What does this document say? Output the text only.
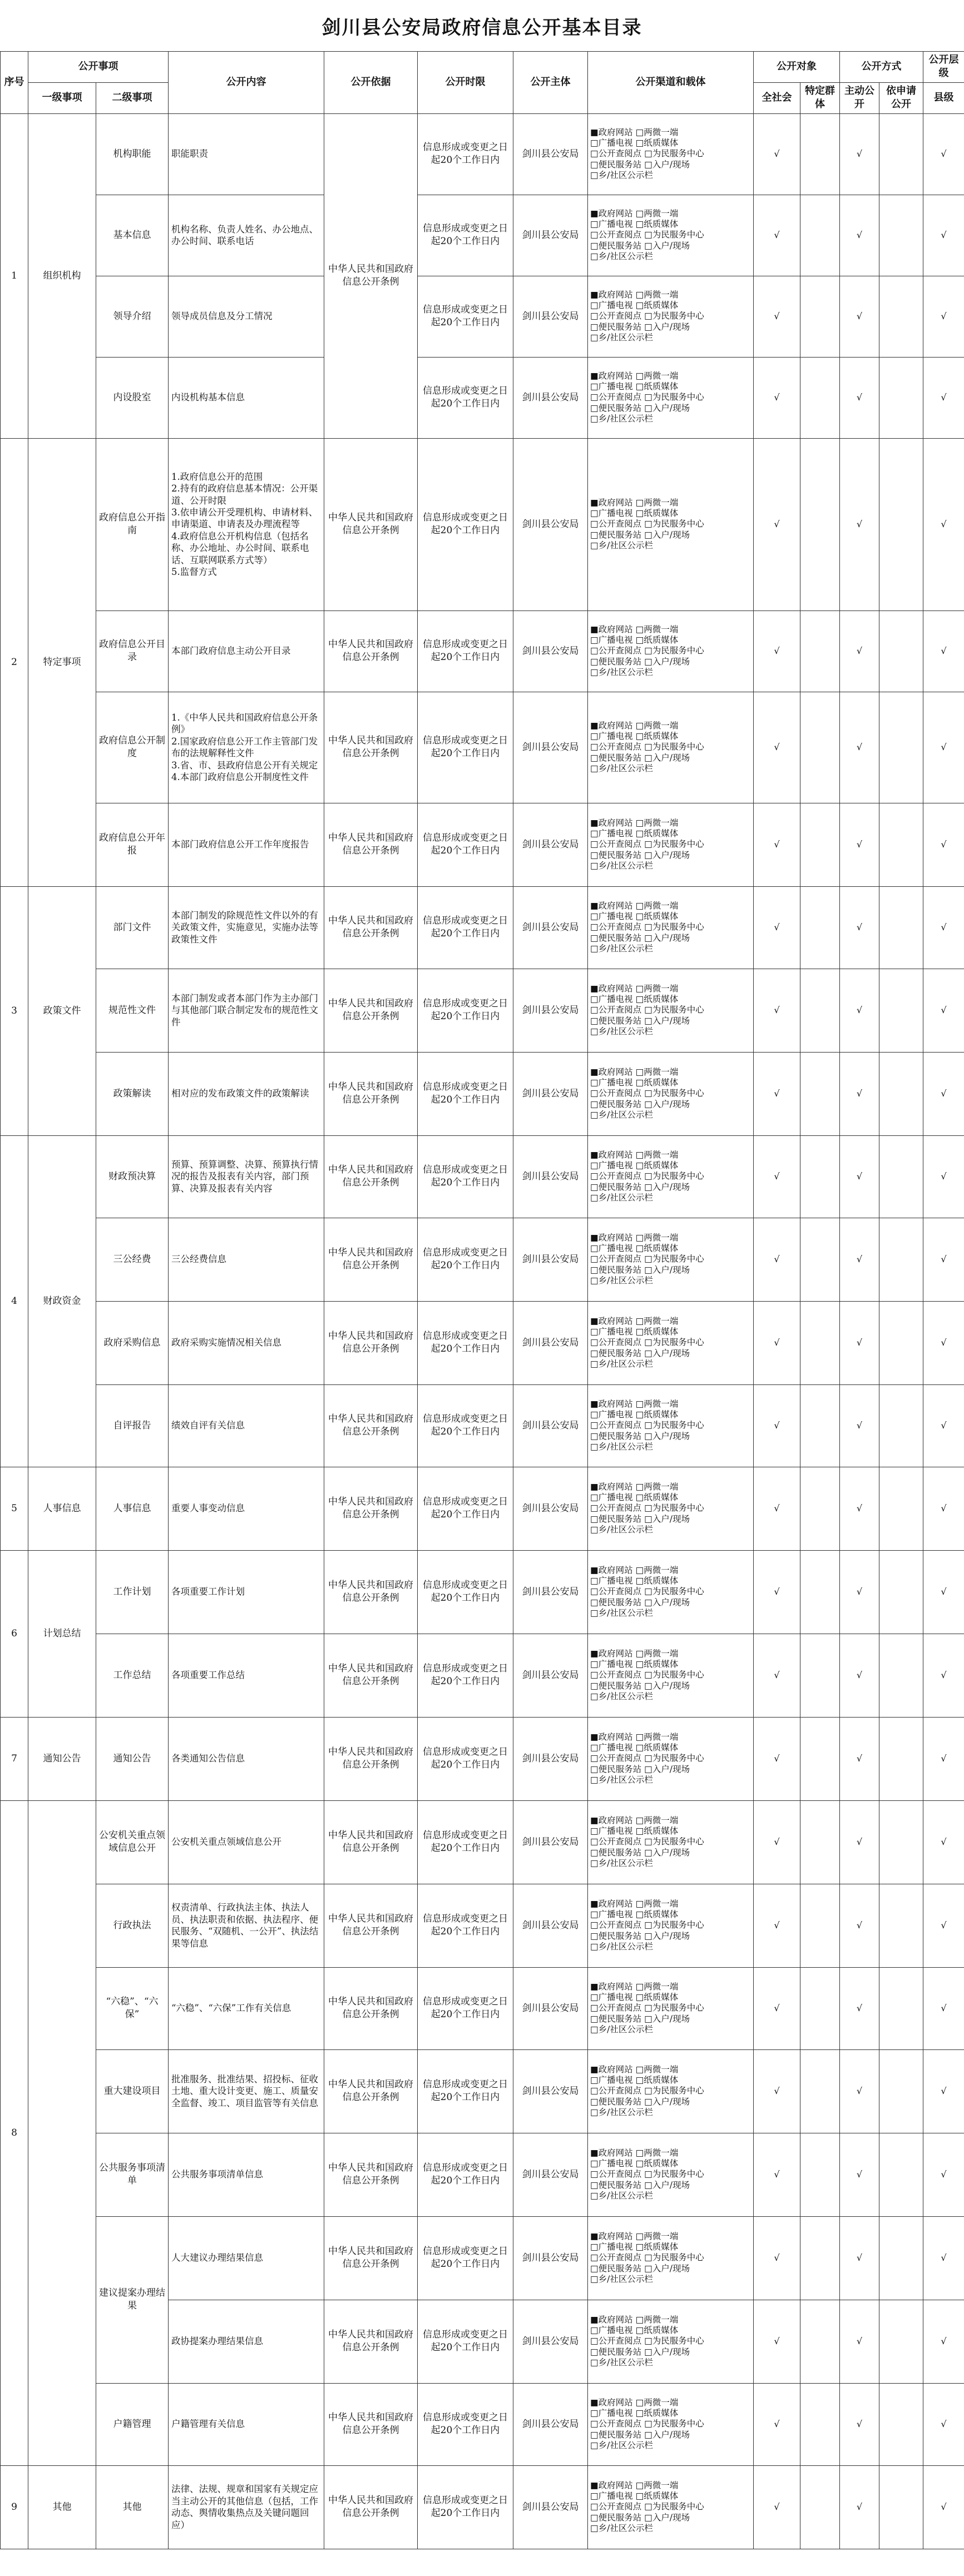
剑川县公安局政府信息公开基本目录
序号	公开事项		公开内容	公开依据	公开时限	公开主体	公开渠道和载体	公开对象		公开方式		公开层级
	一级事项	二级事项						全社会	特定群体	主动公开	依申请公开	县级
1	组织机构	机构职能	职能职责	中华人民共和国政府信息公开条例	信息形成或变更之日起20个工作日内	剑川县公安局	■政府网站 □两微一端
□广播电视 □纸质媒体
□公开查阅点 □为民服务中心
□便民服务站 □入户/现场
□乡/社区公示栏	√		√		√
		基本信息	机构名称、负责人姓名、办公地点、办公时间、联系电话		信息形成或变更之日起20个工作日内	剑川县公安局	■政府网站 □两微一端
□广播电视 □纸质媒体
□公开查阅点 □为民服务中心
□便民服务站 □入户/现场
□乡/社区公示栏	√		√		√
		领导介绍	领导成员信息及分工情况		信息形成或变更之日起20个工作日内	剑川县公安局	■政府网站 □两微一端
□广播电视 □纸质媒体
□公开查阅点 □为民服务中心
□便民服务站 □入户/现场
□乡/社区公示栏	√		√		√
		内设股室	内设机构基本信息		信息形成或变更之日起20个工作日内	剑川县公安局	■政府网站 □两微一端
□广播电视 □纸质媒体
□公开查阅点 □为民服务中心
□便民服务站 □入户/现场
□乡/社区公示栏	√		√		√
2	特定事项	政府信息公开指南	1.政府信息公开的范围
2.持有的政府信息基本情况：公开渠道、公开时限
3.依申请公开受理机构、申请材料、申请渠道、申请表及办理流程等
4.政府信息公开机构信息（包括名称、办公地址、办公时间、联系电话、互联网联系方式等）
5.监督方式	中华人民共和国政府信息公开条例	信息形成或变更之日起20个工作日内	剑川县公安局	■政府网站 □两微一端
□广播电视 □纸质媒体
□公开查阅点 □为民服务中心
□便民服务站 □入户/现场
□乡/社区公示栏	√		√		√
		政府信息公开目录	本部门政府信息主动公开目录	中华人民共和国政府信息公开条例	信息形成或变更之日起20个工作日内	剑川县公安局	■政府网站 □两微一端
□广播电视 □纸质媒体
□公开查阅点 □为民服务中心
□便民服务站 □入户/现场
□乡/社区公示栏	√		√		√
		政府信息公开制度	1.《中华人民共和国政府信息公开条例》
2.国家政府信息公开工作主管部门发布的法规解释性文件
3.省、市、县政府信息公开有关规定
4.本部门政府信息公开制度性文件	中华人民共和国政府信息公开条例	信息形成或变更之日起20个工作日内	剑川县公安局	■政府网站 □两微一端
□广播电视 □纸质媒体
□公开查阅点 □为民服务中心
□便民服务站 □入户/现场
□乡/社区公示栏	√		√		√
		政府信息公开年报	本部门政府信息公开工作年度报告	中华人民共和国政府信息公开条例	信息形成或变更之日起20个工作日内	剑川县公安局	■政府网站 □两微一端
□广播电视 □纸质媒体
□公开查阅点 □为民服务中心
□便民服务站 □入户/现场
□乡/社区公示栏	√		√		√
3	政策文件	部门文件	本部门制发的除规范性文件以外的有关政策文件，实施意见，实施办法等政策性文件	中华人民共和国政府信息公开条例	信息形成或变更之日起20个工作日内	剑川县公安局	■政府网站 □两微一端
□广播电视 □纸质媒体
□公开查阅点 □为民服务中心
□便民服务站 □入户/现场
□乡/社区公示栏	√		√		√
		规范性文件	本部门制发或者本部门作为主办部门与其他部门联合制定发布的规范性文件	中华人民共和国政府信息公开条例	信息形成或变更之日起20个工作日内	剑川县公安局	■政府网站 □两微一端
□广播电视 □纸质媒体
□公开查阅点 □为民服务中心
□便民服务站 □入户/现场
□乡/社区公示栏	√		√		√
		政策解读	相对应的发布政策文件的政策解读	中华人民共和国政府信息公开条例	信息形成或变更之日起20个工作日内	剑川县公安局	■政府网站 □两微一端
□广播电视 □纸质媒体
□公开查阅点 □为民服务中心
□便民服务站 □入户/现场
□乡/社区公示栏	√		√		√
4	财政资金	财政预决算	预算、预算调整、决算、预算执行情况的报告及报表有关内容，部门预算、决算及报表有关内容	中华人民共和国政府信息公开条例	信息形成或变更之日起20个工作日内	剑川县公安局	■政府网站 □两微一端
□广播电视 □纸质媒体
□公开查阅点 □为民服务中心
□便民服务站 □入户/现场
□乡/社区公示栏	√		√		√
		三公经费	三公经费信息	中华人民共和国政府信息公开条例	信息形成或变更之日起20个工作日内	剑川县公安局	■政府网站 □两微一端
□广播电视 □纸质媒体
□公开查阅点 □为民服务中心
□便民服务站 □入户/现场
□乡/社区公示栏	√		√		√
		政府采购信息	政府采购实施情况相关信息	中华人民共和国政府信息公开条例	信息形成或变更之日起20个工作日内	剑川县公安局	■政府网站 □两微一端
□广播电视 □纸质媒体
□公开查阅点 □为民服务中心
□便民服务站 □入户/现场
□乡/社区公示栏	√		√		√
		自评报告	绩效自评有关信息	中华人民共和国政府信息公开条例	信息形成或变更之日起20个工作日内	剑川县公安局	■政府网站 □两微一端
□广播电视 □纸质媒体
□公开查阅点 □为民服务中心
□便民服务站 □入户/现场
□乡/社区公示栏	√		√		√
5	人事信息	人事信息	重要人事变动信息	中华人民共和国政府信息公开条例	信息形成或变更之日起20个工作日内	剑川县公安局	■政府网站 □两微一端
□广播电视 □纸质媒体
□公开查阅点 □为民服务中心
□便民服务站 □入户/现场
□乡/社区公示栏	√		√		√
6	计划总结	工作计划	各项重要工作计划	中华人民共和国政府信息公开条例	信息形成或变更之日起20个工作日内	剑川县公安局	■政府网站 □两微一端
□广播电视 □纸质媒体
□公开查阅点 □为民服务中心
□便民服务站 □入户/现场
□乡/社区公示栏	√		√		√
		工作总结	各项重要工作总结	中华人民共和国政府信息公开条例	信息形成或变更之日起20个工作日内	剑川县公安局	■政府网站 □两微一端
□广播电视 □纸质媒体
□公开查阅点 □为民服务中心
□便民服务站 □入户/现场
□乡/社区公示栏	√		√		√
7	通知公告	通知公告	各类通知公告信息	中华人民共和国政府信息公开条例	信息形成或变更之日起20个工作日内	剑川县公安局	■政府网站 □两微一端
□广播电视 □纸质媒体
□公开查阅点 □为民服务中心
□便民服务站 □入户/现场
□乡/社区公示栏	√		√		√
8		公安机关重点领域信息公开	公安机关重点领域信息公开	中华人民共和国政府信息公开条例	信息形成或变更之日起20个工作日内	剑川县公安局	■政府网站 □两微一端
□广播电视 □纸质媒体
□公开查阅点 □为民服务中心
□便民服务站 □入户/现场
□乡/社区公示栏	√		√		√
		行政执法	权责清单、行政执法主体、执法人员、执法职责和依据、执法程序、便民服务、“双随机、一公开”、执法结果等信息	中华人民共和国政府信息公开条例	信息形成或变更之日起20个工作日内	剑川县公安局	■政府网站 □两微一端
□广播电视 □纸质媒体
□公开查阅点 □为民服务中心
□便民服务站 □入户/现场
□乡/社区公示栏	√		√		√
		“六稳”、“六保”	“六稳”、“六保”工作有关信息	中华人民共和国政府信息公开条例	信息形成或变更之日起20个工作日内	剑川县公安局	■政府网站 □两微一端
□广播电视 □纸质媒体
□公开查阅点 □为民服务中心
□便民服务站 □入户/现场
□乡/社区公示栏	√		√		√
		重大建设项目	批准服务、批准结果、招投标、征收土地、重大设计变更、施工、质量安全监督、竣工、项目监管等有关信息	中华人民共和国政府信息公开条例	信息形成或变更之日起20个工作日内	剑川县公安局	■政府网站 □两微一端
□广播电视 □纸质媒体
□公开查阅点 □为民服务中心
□便民服务站 □入户/现场
□乡/社区公示栏	√		√		√
		公共服务事项清单	公共服务事项清单信息	中华人民共和国政府信息公开条例	信息形成或变更之日起20个工作日内	剑川县公安局	■政府网站 □两微一端
□广播电视 □纸质媒体
□公开查阅点 □为民服务中心
□便民服务站 □入户/现场
□乡/社区公示栏	√		√		√
		建议提案办理结果	人大建议办理结果信息	中华人民共和国政府信息公开条例	信息形成或变更之日起20个工作日内	剑川县公安局	■政府网站 □两微一端
□广播电视 □纸质媒体
□公开查阅点 □为民服务中心
□便民服务站 □入户/现场
□乡/社区公示栏	√		√		√
			政协提案办理结果信息	中华人民共和国政府信息公开条例	信息形成或变更之日起20个工作日内	剑川县公安局	■政府网站 □两微一端
□广播电视 □纸质媒体
□公开查阅点 □为民服务中心
□便民服务站 □入户/现场
□乡/社区公示栏	√		√		√
		户籍管理	户籍管理有关信息	中华人民共和国政府信息公开条例	信息形成或变更之日起20个工作日内	剑川县公安局	■政府网站 □两微一端
□广播电视 □纸质媒体
□公开查阅点 □为民服务中心
□便民服务站 □入户/现场
□乡/社区公示栏	√		√		√
9	其他	其他	法律、法规、规章和国家有关规定应当主动公开的其他信息（包括，工作动态、舆情收集热点及关键问题回应）	中华人民共和国政府信息公开条例	信息形成或变更之日起20个工作日内	剑川县公安局	■政府网站 □两微一端
□广播电视 □纸质媒体
□公开查阅点 □为民服务中心
□便民服务站 □入户/现场
□乡/社区公示栏	√		√		√
